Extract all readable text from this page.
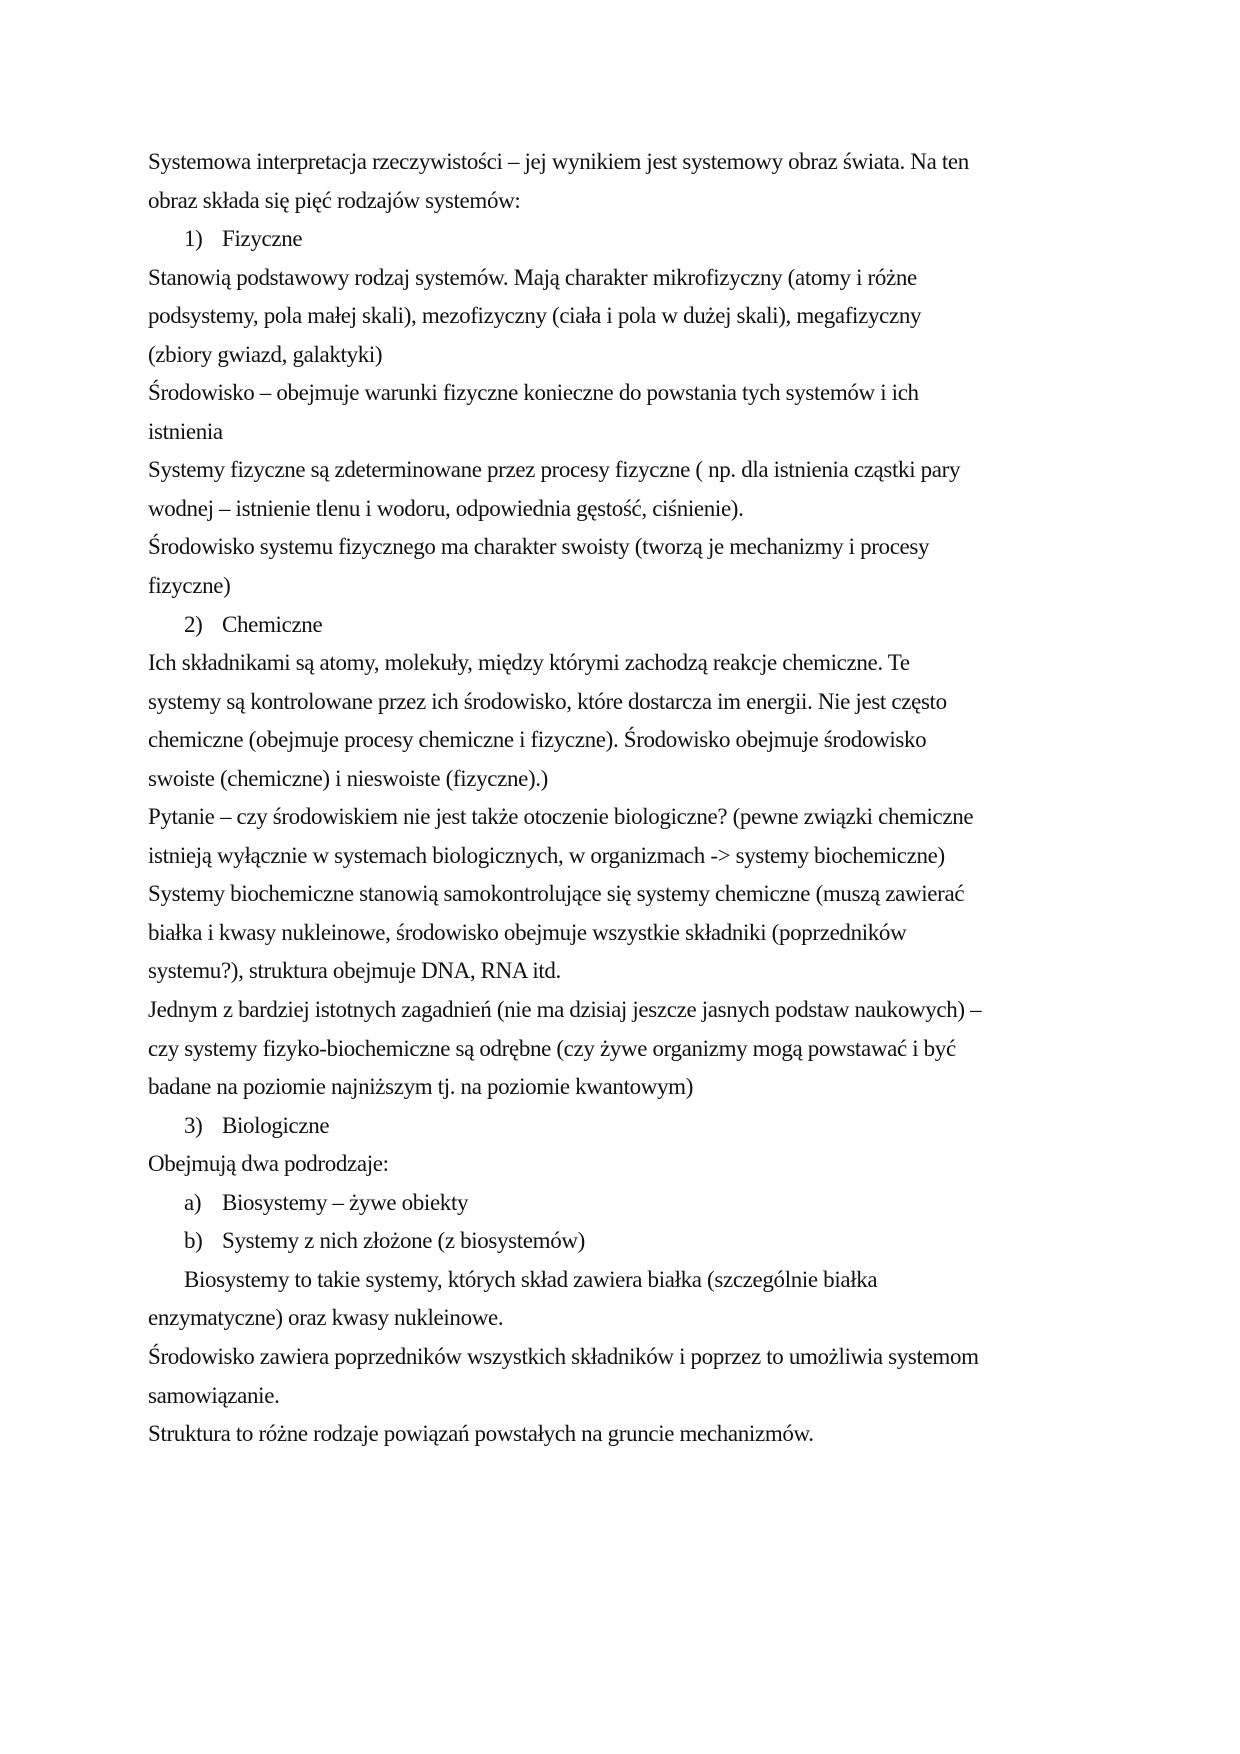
Systemowa interpretacja rzeczywistości – jej wynikiem jest systemowy obraz świata. Na ten
obraz składa się pięć rodzajów systemów:
1) Fizyczne
Stanowią podstawowy rodzaj systemów. Mają charakter mikrofizyczny (atomy i różne
podsystemy, pola małej skali), mezofizyczny (ciała i pola w dużej skali), megafizyczny
(zbiory gwiazd, galaktyki)
Środowisko – obejmuje warunki fizyczne konieczne do powstania tych systemów i ich
istnienia
Systemy fizyczne są zdeterminowane przez procesy fizyczne ( np. dla istnienia cząstki pary
wodnej – istnienie tlenu i wodoru, odpowiednia gęstość, ciśnienie).
Środowisko systemu fizycznego ma charakter swoisty (tworzą je mechanizmy i procesy
fizyczne)
2) Chemiczne
Ich składnikami są atomy, molekuły, między którymi zachodzą reakcje chemiczne. Te
systemy są kontrolowane przez ich środowisko, które dostarcza im energii. Nie jest często
chemiczne (obejmuje procesy chemiczne i fizyczne). Środowisko obejmuje środowisko
swoiste (chemiczne) i nieswoiste (fizyczne).)
Pytanie – czy środowiskiem nie jest także otoczenie biologiczne? (pewne związki chemiczne
istnieją wyłącznie w systemach biologicznych, w organizmach -> systemy biochemiczne)
Systemy biochemiczne stanowią samokontrolujące się systemy chemiczne (muszą zawierać
białka i kwasy nukleinowe, środowisko obejmuje wszystkie składniki (poprzedników
systemu?), struktura obejmuje DNA, RNA itd.
Jednym z bardziej istotnych zagadnień (nie ma dzisiaj jeszcze jasnych podstaw naukowych) –
czy systemy fizyko-biochemiczne są odrębne (czy żywe organizmy mogą powstawać i być
badane na poziomie najniższym tj. na poziomie kwantowym)
3) Biologiczne
Obejmują dwa podrodzaje:
a) Biosystemy – żywe obiekty
b) Systemy z nich złożone (z biosystemów)
Biosystemy to takie systemy, których skład zawiera białka (szczególnie białka
enzymatyczne) oraz kwasy nukleinowe.
Środowisko zawiera poprzedników wszystkich składników i poprzez to umożliwia systemom
samowiązanie.
Struktura to różne rodzaje powiązań powstałych na gruncie mechanizmów.
